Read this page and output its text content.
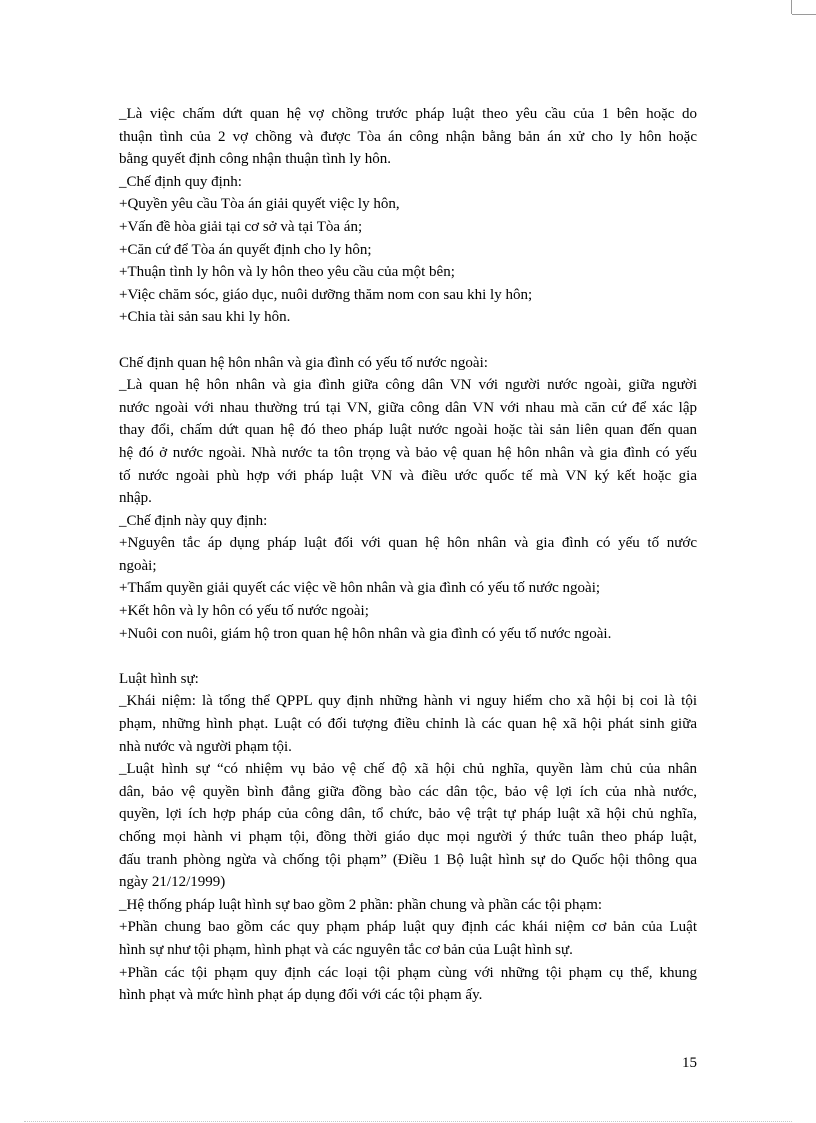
_Là việc chấm dứt quan hệ vợ chồng trước pháp luật theo yêu cầu của 1 bên hoặc do
thuận tình của 2 vợ chồng và được Tòa án công nhận bằng bản án xử cho ly hôn hoặc
bằng quyết định công nhận thuận tình ly hôn.
_Chế định quy định:
+Quyền yêu cầu Tòa án giải quyết việc ly hôn,
+Vấn đề hòa giải tại cơ sở và tại Tòa án;
+Căn cứ để Tòa án quyết định cho ly hôn;
+Thuận tình ly hôn và ly hôn theo yêu cầu của một bên;
+Việc chăm sóc, giáo dục, nuôi dưỡng thăm nom con sau khi ly hôn;
+Chia tài sản sau khi ly hôn.
Chế định quan hệ hôn nhân và gia đình có yếu tố nước ngoài:
_Là quan hệ hôn nhân và gia đình giữa công dân VN với người nước ngoài, giữa người
nước ngoài với nhau thường trú tại VN, giữa công dân VN với nhau mà căn cứ để xác lập
thay đổi, chấm dứt quan hệ đó theo pháp luật nước ngoài hoặc tài sản liên quan đến quan
hệ đó ở nước ngoài. Nhà nước ta tôn trọng và bảo vệ quan hệ hôn nhân và gia đình có yếu
tố nước ngoài phù hợp với pháp luật VN và điều ước quốc tế mà VN ký kết hoặc gia
nhập.
_Chế định này quy định:
+Nguyên tắc áp dụng pháp luật đối với quan hệ hôn nhân và gia đình có yếu tố nước
ngoài;
+Thẩm quyền giải quyết các việc về hôn nhân và gia đình có yếu tố nước ngoài;
+Kết hôn và ly hôn có yếu tố nước ngoài;
+Nuôi con nuôi, giám hộ tron quan hệ hôn nhân và gia đình có yếu tố nước ngoài.
Luật hình sự:
_Khái niệm: là tổng thể QPPL quy định những hành vi nguy hiểm cho xã hội bị coi là tội
phạm, những hình phạt. Luật có đối tượng điều chỉnh là các quan hệ xã hội phát sinh giữa
nhà nước và người phạm tội.
_Luật hình sự “có nhiệm vụ bảo vệ chế độ xã hội chủ nghĩa, quyền làm chủ của nhân
dân, bảo vệ quyền bình đẳng giữa đồng bào các dân tộc, bảo vệ lợi ích của nhà nước,
quyền, lợi ích hợp pháp của công dân, tổ chức, bảo vệ trật tự pháp luật xã hội chủ nghĩa,
chống mọi hành vi phạm tội, đồng thời giáo dục mọi người ý thức tuân theo pháp luật,
đấu tranh phòng ngừa và chống tội phạm” (Điều 1 Bộ luật hình sự do Quốc hội thông qua
ngày 21/12/1999)
_Hệ thống pháp luật hình sự bao gồm 2 phần: phần chung và phần các tội phạm:
+Phần chung bao gồm các quy phạm pháp luật quy định các khái niệm cơ bản của Luật
hình sự như tội phạm, hình phạt và các nguyên tắc cơ bản của Luật hình sự.
+Phần các tội phạm quy định các loại tội phạm cùng với những tội phạm cụ thể, khung
hình phạt và mức hình phạt áp dụng đối với các tội phạm ấy.
15
